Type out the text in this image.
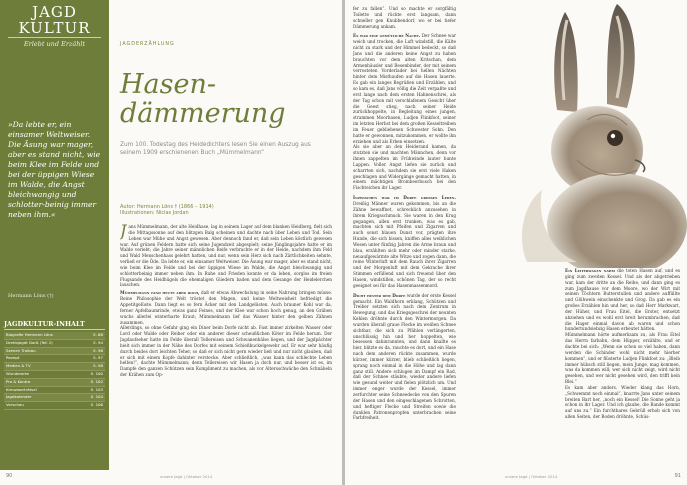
JAGD
KULTUR
Erlebt und Erzählt
»Da lebte er, ein einsamer Weltweiser. Die Äsung war mager, aber es stand nicht, wie beim Klee im Felde und bei der üppigen Wiese im Walde, die Angst bleichwangig und schlotter-beinig immer neben ihm.«
Hermann Löns (†)
JAGDKULTUR-INHALT
Biografie Hermann Löns	S. 88
Drehbjagdt Darß (Teil 2)	S. 94
Szenen Trolbau	S. 96
Rezept	S. 97
Medien & TV	S. 98
Wunderorte	S. 100
Pro & Kontra	S. 102
Kreuzworträtsel	S. 103
Jagdkalender	S. 104
Vorschau	S. 106
JAGDERZÄHLUNG
Hasen-
dämmerung
Zum 100. Todestag des Heidedichters lesen Sie einen Auszug aus seinem 1909 erschienenen Buch „Mümmelmann“
Autor: Hermann Löns † (1866 – 1914)
Illustrationen: Niclas Jordan
Jans Mümmelmann, der alte Heidhase, lag in seinem Lager auf dem blanken Heidberg, fielt sich die Mittagssonne auf den blitzgen Balg scheinen und dachte nach über Leben und Tod. Sein Leben war Mühe und Angst gewesen. Aber dennoch fand er, daß sein Leben köstlich gewesen war. Auf grünen Feldern hatte sich seine Jugendzeit abgespielt; seine Jünglingsjahre hatte er im Walde verlebt; die Jahre seiner männlichen Reife verbrachte er in der Heide, nachdem ihm Feld und Wald Menschenhass gelehrt hatten, und nur, wenn sein Herz sich nach Zärtlichkeiten sehnte, verließ er die Öde. Da lebte er, ein einsamer Weltweiser. Die Äsung war mager, aber es stand nicht, wie beim Klee im Felde und bei der üppigen Wiese im Walde, die Angst bleichwangig und schlotterbeinig immer neben ihm. In Ruhe und Frieden konnte er da leben, sorglos im freien Flugsande des Heidhügels die ehemaligen Gliedern baden und dem Gesange der Heidelerchen lauschen.
Mümmelmann fand heute aber doch, daß er etwas Abwechslung in seine Nahrung bringen müsse. Reine Philosophie der Welt tröstet den Magen, und keine Weltweisheit befriedigt die Appetitgelüste. Dann liegt es so fern Äcker mit den Landgelüsten. Auch brauner Kohl war da, ferner Apfelbaumrinde, etwas ganz Feines, und der Klee war schon hoch genug, an den Gräben wuchs allerlei winterharte Kraut; Mümmelmann lief das Wasser hinter den gelben Zähnen zusammen.
Allerdings, so ohne Gefahr ging ein Diner beim Dorfe nicht ab. Fast immer zirkelten Wasser oder Lord oder Walde oder Reiher oder ein anderer dieser scheußlichen Köter im Felde herum. Der Jagdaufseher hatte im Felde überall Tellereisen und Schwanenhälse liegen, und der Jagdpächter hielt sich immer in der Nähe des Dorfes mit seinem Schießbuckelgewehr auf. Er war sehr häufig durch beides dort leichten Teher, so daß er sich nicht gern wieder ließ und nur nicht glauben, daß er sich mit einem Kopfe dahinter verstecke. Aber schließlich, „was kann das schlechte Leben helfen!“, dachte Mümmelmann; denn Tellereisen wir Hasen ja doch nur, und besser ist es, im Dampfe den ganzen Schützen sein Kompliment zu machen, als vor Altersschwäche den Schnäbeln der Krähen zum Op-
90
fer zu fallen“. Und so machte er sorgfältig Toilette und rückte erst langsam, dann schneller gen Knubbendorf, wo er bei tiefer Dämmerung ankam.
Es war eine gemütliche Nacht. Der Schnee war weich und trocken, die Luft windstill, die Kälte nicht zu stark und der Himmel bedeckt, so daß Jans und die anderen keine Angst zu haben brauchten vor dem alten Kritschan, dem Armenhäusler und Besenbinder, der mit seinem verrosteten Vorderlader bei hellen Nächten hinter dem Misthaufen auf die Hasen lauerte. Es gab ein langes Begrüßen und Erzählen, und so kam es, daß Jans völlig die Zeit verpaßte und erst lange nach dem ersten Hahnenschrei, als der Tag schon mit verschlafenem Gesicht über die Geest stieg, nach seiner Heide zurückhoppelte, in Begleitung eines jungen, strammen Moorhasen, Ludjen Flinkfoot, seiner im letzten Herbst bei dem großen Kesseltreiben im Feuer gebliebenen Schwester Sohn. Den hatte er gewonnen, mitzukommen, er wollte ihn erziehen und als Erben einsetzen.
Als sie aber an den Heiderand kamen, da stutzten sie und machten Männchen, denn vor ihnen zappelten im Frühwinde lauter bunte Lappen. Voller Angst liefen sie zurück und scharrten sich, nachdem sie erst viele Haken geschlagen und Widergänge gemacht hatten, in einem mächtigen Brombeerbusch bei den Fischteichen ihr Lager.
Inzwischen war im Dorfe großes Leben. Dreißig Männer waren gekommen, bis an die Zähne bewaffnet, schrecklich anzusehen in ihrem Kriegsschmuck. Sie waren in den Krug gegangen, allen erst trunken, was es gab, machten sich mit Pfeifen und Zigarren und auch sonst blauen Dunst vor, prägten ihre Hunde, die sich bissen, kniffen alles weiblichen Wesen unter fünfzig Jahren die Arme braun und blau, erzählten sich mehr oder minder starke, neuaufgewärmte alte Witze und zogen dann, die reine Winterluft mit dem Rauch ihrer Zigarren und der Morgenluft mit dem Gekrache ihrer Stimmen erfüllend und sich freuend über den Hasen, windstillen, schönen Tag, der so recht geeignet sei für das Hasenmassenmord.
Dicht hinter dem Dorfe wurde der erste Kessel gemacht. Ein Waldhorn erklang, Schützen und Treiber setzten sich nach dem Zentrum in Bewegung, und das Kriegsgeschrei der neunten Kehlen dröhnte durch den Wintermorgen. Da wurden überall graue Flecke im weißen Schnee sichtbar, die sich zu Pfählen verlängerten, unschlüssig hin und her hoppelten, wie besessen dahinrannten, und dann knallte es hier, blitzte es da, rauchte es dort, und ein Hase nach dem anderen rückte zusammen, wurde kürzer, immer kürzer, blieb schließlich liegen, sprang noch einmal in die Höhe und lag dann ganz still. Andere schlugen im Dampf ein Rad, daß der Schnee stäubte, wieder andere liefen wie gesund weiter und fielen plötzlich um. Und immer enger wurde der Kessel, immer zerfurchter seine Schneedecke von den Spuren der Hasen und den eingeschlagenen Schrotten, und heftiger Flecke und Streifen sowie die dunklen Patronenpropfen unterbrachen seine Farbfreiheit.
Ein Leiterwagen nahm die toten Hasen auf, und es ging zum zweiten Kessel. Und als der abgetrieben war, kam der dritte an die Reihe, und dann ging es zum Jagdhause vor dem Moore, wo der Wirt mit seinen Töchtern Butterstullen und andere auffüllte und Glühwein einschenkte und Grog. Da gab es ein großes Erzählen hin und her, so daß Herr Markwart, der Hüher, und Frau Eitel, die Erster, entsetzt abziehen und es wohl erst breit herumbrachen, daß die Hager einmal davon ab waren und schon hundertundsiebzig Hasen erbeutet hätten.
Mümmelmann hörte aufmerksam zu, als Frau Eitel das Herrn farbahn, dem Hüpper, erzählte, und er dachte bei sich: „Wenn sie schon so viel haben, dann werden die Schinder wohl nicht mehr hierher kommen“, und er flüsterte Ludjen Flinkfoot zu: „Bleib immer hübsch still liegen, mein Junge, mag kommen, was da kommen will; wer sich nicht zeigt, wird nicht gesehen, und wer nicht gesehen wird, den trifft kein Blei.“
Es kam aber anders. Wieder klang das Horn, „Schwemmt noch einmal“, knarrte Jans unter seinem breiten Bart her, „noch ein Kessel! Die Sonne geht ja schon in ihr Lager. Und ich glaube, die Bande kommt auf uns zu.“ Ein furchtbares Gebrüll erhob sich von allen Seiten, der Boden dröhnte, Schüs-
unsere Jagd | Oktober 2014	91
unsere Jagd | Oktober 2014
